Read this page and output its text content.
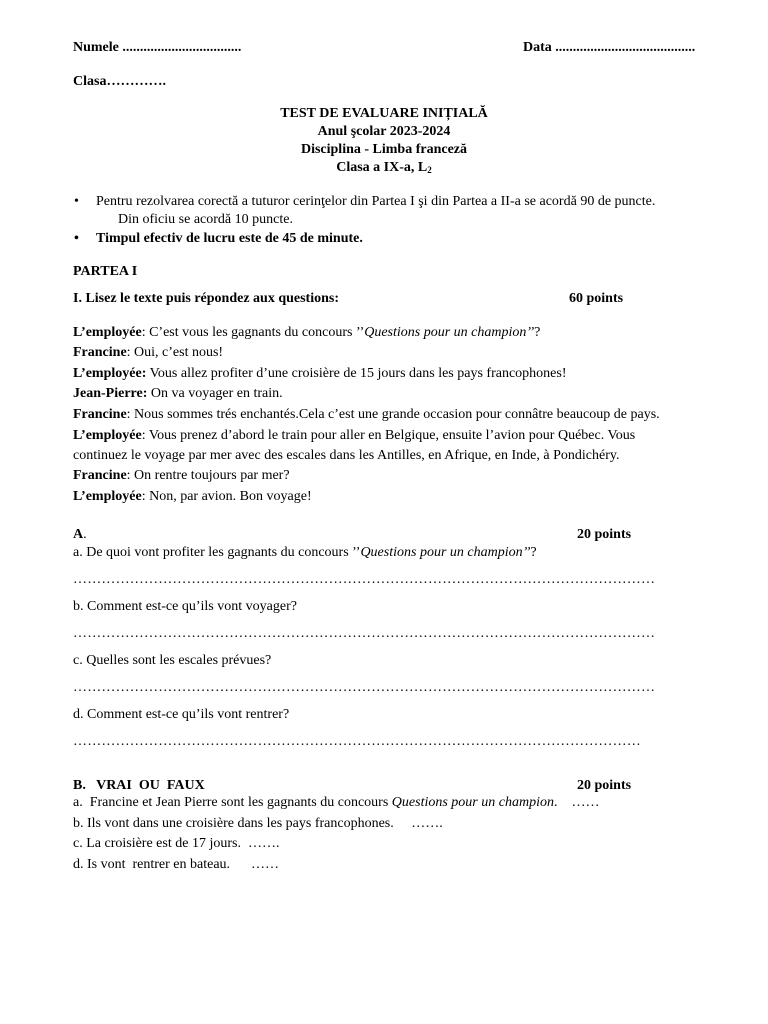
Numele ..................................	Data ........................................
Clasa………….
TEST DE EVALUARE INIȚIALĂ
Anul şcolar 2023-2024
Disciplina - Limba franceză
Clasa a IX-a, $L_2$
• Pentru rezolvarea corectă a tuturor cerinţelor din Partea I şi din Partea a II-a se acordă 90 de puncte.
Din oficiu se acordă 10 puncte.
• Timpul efectiv de lucru este de 45 de minute.
PARTEA I
I. Lisez le texte puis répondez aux questions:	60 points
L’employée: C’est vous les gagnants du concours ’’Questions pour un champion’’?
Francine: Oui, c’est nous!
L’employée: Vous allez profiter d’une croisière de 15 jours dans les pays francophones!
Jean-Pierre: On va voyager en train.
Francine: Nous sommes trés enchantés.Cela c’est une grande occasion pour connâtre beaucoup de pays.
L’employée: Vous prenez d’abord le train pour aller en Belgique, ensuite l’avion pour Québec. Vous
continuez le voyage par mer avec des escales dans les Antilles, en Afrique, en Inde, à Pondichéry.
Francine: On rentre toujours par mer?
L’employée: Non, par avion. Bon voyage!
A.	20 points
a. De quoi vont profiter les gagnants du concours ’’Questions pour un champion’’?
……………………………………………………………………………………………………………
b. Comment est-ce qu’ils vont voyager?
……………………………………………………………………………………………………………
c. Quelles sont les escales prévues?
……………………………………………………………………………………………………………
d. Comment est-ce qu’ils vont rentrer?
…………………………………………………………………………………………………………
B.   VRAI  OU  FAUX	20 points
a.  Francine et Jean Pierre sont les gagnants du concours Questions pour un champion.    ……
b. Ils vont dans une croisière dans les pays francophones.     …….
c. La croisière est de 17 jours.  …….
d. Is vont  rentrer en bateau.      ……
